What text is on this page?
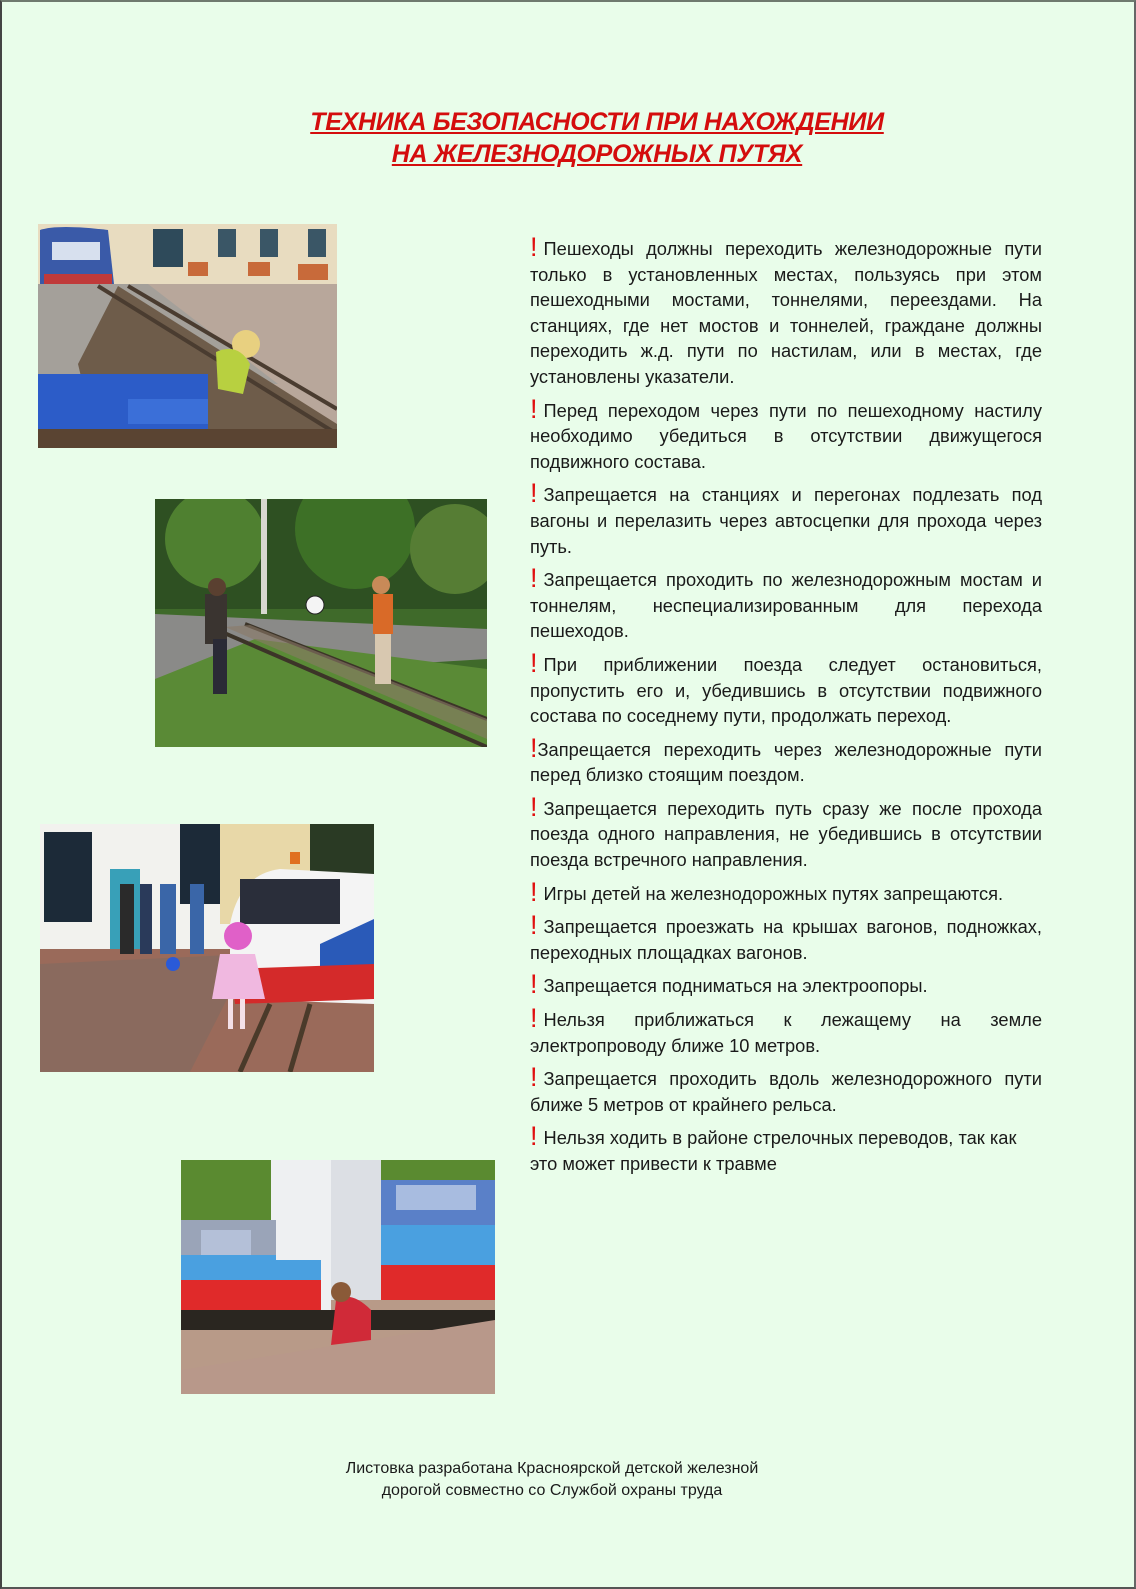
ТЕХНИКА БЕЗОПАСНОСТИ ПРИ НАХОЖДЕНИИ
НА ЖЕЛЕЗНОДОРОЖНЫХ ПУТЯХ
! Пешеходы должны переходить железнодорожные пути только в установленных местах, пользуясь при этом пешеходными мостами, тоннелями, переездами. На станциях, где нет мостов и тоннелей, граждане должны переходить ж.д. пути по настилам, или в местах, где установлены указатели.
! Перед переходом через пути по пешеходному настилу необходимо убедиться в отсутствии движущегося подвижного состава.
! Запрещается на станциях и перегонах подлезать под вагоны и перелазить через автосцепки для прохода через путь.
! Запрещается проходить по железнодорожным мостам и тоннелям, неспециализированным для перехода пешеходов.
! При приближении поезда следует остановиться, пропустить его и, убедившись в отсутствии подвижного состава по соседнему пути, продолжать переход.
!Запрещается переходить через железнодорожные пути перед близко стоящим поездом.
! Запрещается переходить путь сразу же после прохода поезда одного направления, не убедившись в отсутствии поезда встречного направления.
! Игры детей на железнодорожных путях запрещаются.
! Запрещается проезжать на крышах вагонов, подножках, переходных площадках вагонов.
! Запрещается подниматься на электроопоры.
! Нельзя приближаться к лежащему на земле электропроводу ближе 10 метров.
! Запрещается проходить вдоль железнодорожного пути ближе 5 метров от крайнего рельса.
! Нельзя ходить в районе стрелочных переводов, так как это может привести к травме
Листовка разработана Красноярской детской железной
дорогой совместно со Службой охраны труда
